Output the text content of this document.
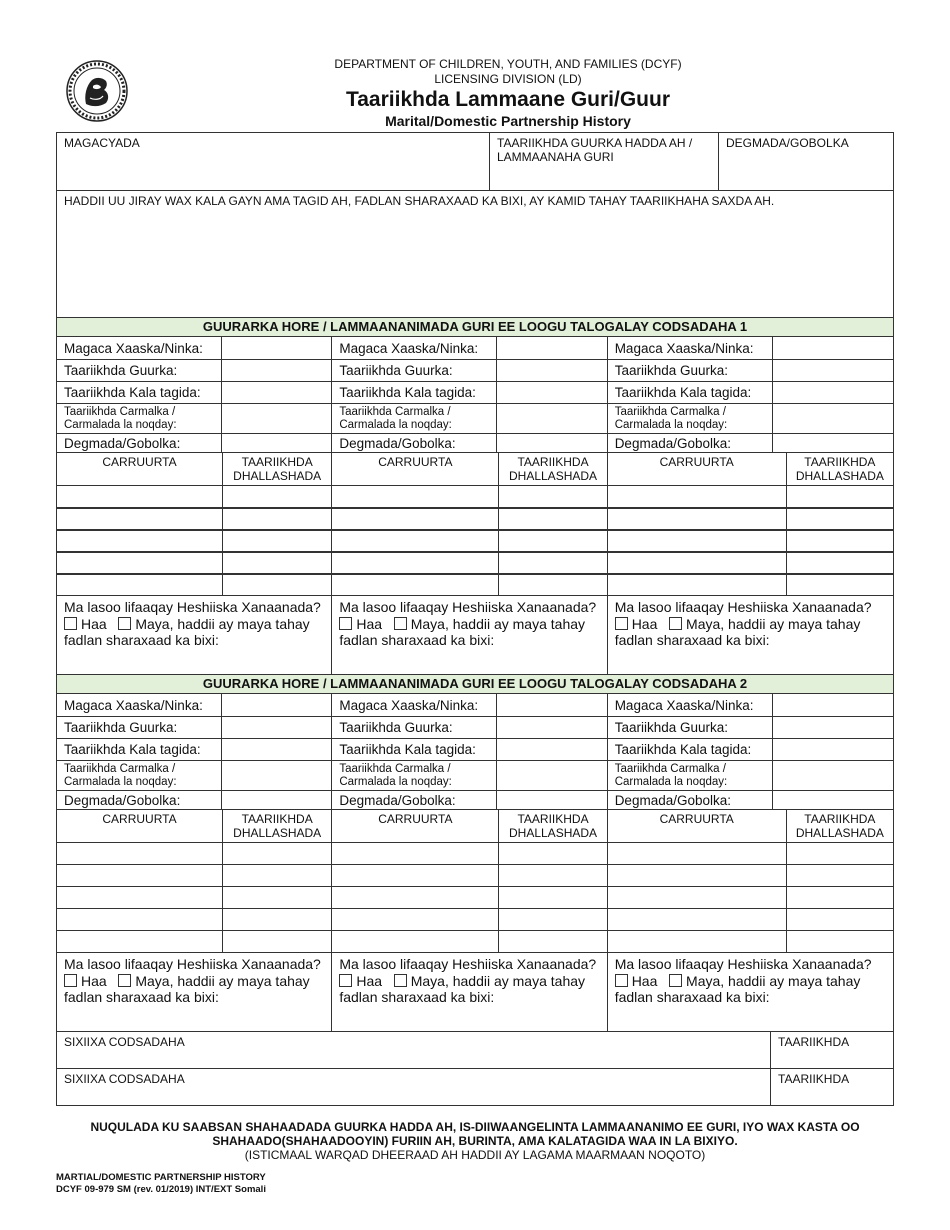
DEPARTMENT OF CHILDREN, YOUTH, AND FAMILIES (DCYF)
LICENSING DIVISION (LD)
Taariikhda Lammaane Guri/Guur
Marital/Domestic Partnership History
MAGACYADA	TAARIIKHDA GUURKA HADDA AH / LAMMAANAHA GURI
DEGMADA/GOBOLKA
HADDII UU JIRAY WAX KALA GAYN AMA TAGID AH, FADLAN SHARAXAAD KA BIXI, AY KAMID TAHAY TAARIIKHAHA SAXDA AH.
GUURARKA HORE / LAMMAANANIMADA GURI EE LOOGU TALOGALAY CODSADAHA 1
Magaca Xaaska/Ninka:
Taariikhda Guurka:
Taariikhda Kala tagida:
Taariikhda Carmalka / Carmalada la noqday:
Degmada/Gobolka:
CARRUURTA	TAARIIKHDA DHALLASHADA
Ma lasoo lifaaqay Heshiiska Xanaanada?
Haa Maya, haddii ay maya tahay
fadlan sharaxaad ka bixi:
Magaca Xaaska/Ninka:
Taariikhda Guurka:
Taariikhda Kala tagida:
Taariikhda Carmalka / Carmalada la noqday:
Degmada/Gobolka:
CARRUURTA	TAARIIKHDA DHALLASHADA
Ma lasoo lifaaqay Heshiiska Xanaanada?
Haa Maya, haddii ay maya tahay
fadlan sharaxaad ka bixi:
Magaca Xaaska/Ninka:
Taariikhda Guurka:
Taariikhda Kala tagida:
Taariikhda Carmalka / Carmalada la noqday:
Degmada/Gobolka:
CARRUURTA	TAARIIKHDA DHALLASHADA
Ma lasoo lifaaqay Heshiiska Xanaanada?
Haa Maya, haddii ay maya tahay
fadlan sharaxaad ka bixi:
GUURARKA HORE / LAMMAANANIMADA GURI EE LOOGU TALOGALAY CODSADAHA 2
Magaca Xaaska/Ninka:
Taariikhda Guurka:
Taariikhda Kala tagida:
Taariikhda Carmalka / Carmalada la noqday:
Degmada/Gobolka:
CARRUURTA	TAARIIKHDA DHALLASHADA
Ma lasoo lifaaqay Heshiiska Xanaanada?
Haa Maya, haddii ay maya tahay
fadlan sharaxaad ka bixi:
Magaca Xaaska/Ninka:
Taariikhda Guurka:
Taariikhda Kala tagida:
Taariikhda Carmalka / Carmalada la noqday:
Degmada/Gobolka:
CARRUURTA	TAARIIKHDA DHALLASHADA
Ma lasoo lifaaqay Heshiiska Xanaanada?
Haa Maya, haddii ay maya tahay
fadlan sharaxaad ka bixi:
Magaca Xaaska/Ninka:
Taariikhda Guurka:
Taariikhda Kala tagida:
Taariikhda Carmalka / Carmalada la noqday:
Degmada/Gobolka:
CARRUURTA	TAARIIKHDA DHALLASHADA
Ma lasoo lifaaqay Heshiiska Xanaanada?
Haa Maya, haddii ay maya tahay
fadlan sharaxaad ka bixi:
SIXIIXA CODSADAHA	TAARIIKHDA
SIXIIXA CODSADAHA	TAARIIKHDA
NUQULADA KU SAABSAN SHAHAADADA GUURKA HADDA AH, IS-DIIWAANGELINTA LAMMAANANIMO EE GURI, IYO WAX KASTA OO
SHAHAADO(SHAHAADOOYIN) FURIIN AH, BURINTA, AMA KALATAGIDA WAA IN LA BIXIYO.
(ISTICMAAL WARQAD DHEERAAD AH HADDII AY LAGAMA MAARMAAN NOQOTO)
MARTIAL/DOMESTIC PARTNERSHIP HISTORY
DCYF 09-979 SM (rev. 01/2019) INT/EXT Somali
